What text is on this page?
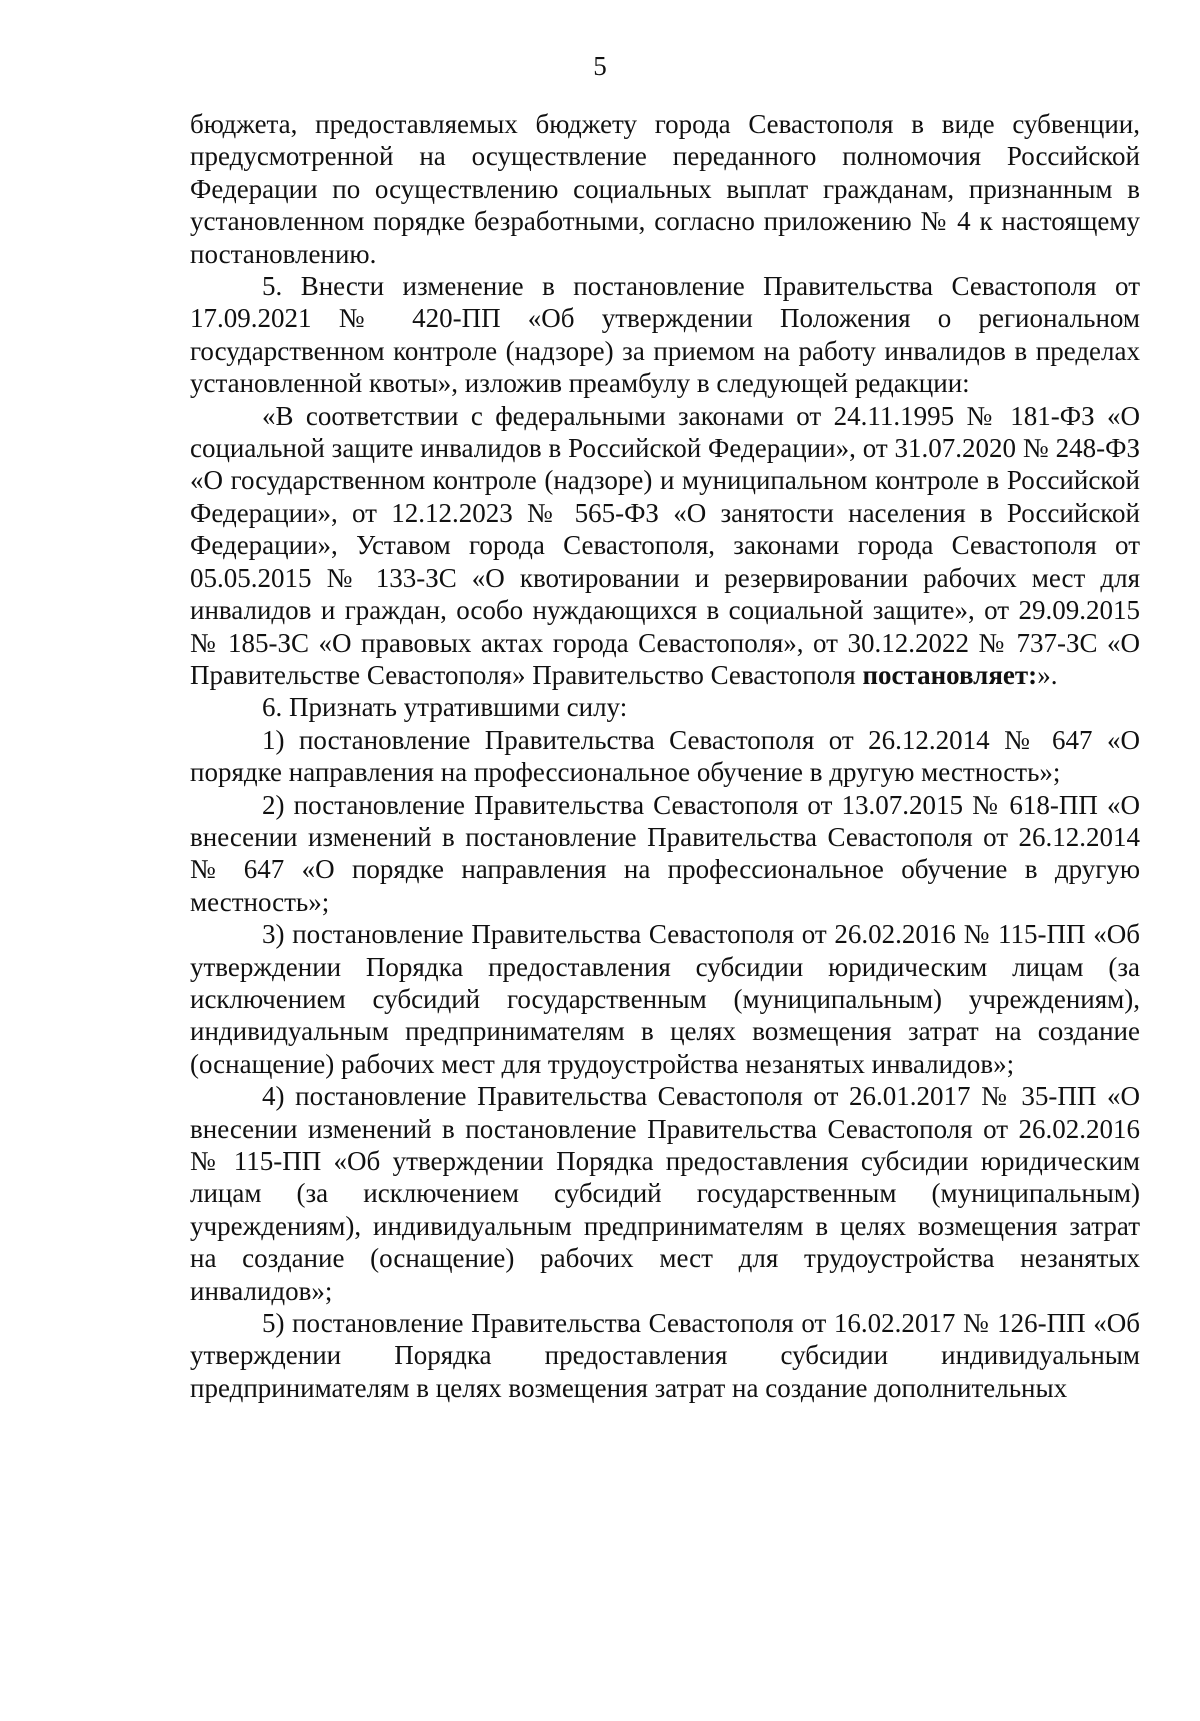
5

бюджета, предоставляемых бюджету города Севастополя в виде субвенции, предусмотренной на осуществление переданного полномочия Российской Федерации по осуществлению социальных выплат гражданам, признанным в установленном порядке безработными, согласно приложению № 4 к настоящему постановлению.

5. Внести изменение в постановление Правительства Севастополя от 17.09.2021 № 420-ПП «Об утверждении Положения о региональном государственном контроле (надзоре) за приемом на работу инвалидов в пределах установленной квоты», изложив преамбулу в следующей редакции:

«В соответствии с федеральными законами от 24.11.1995 № 181-ФЗ «О социальной защите инвалидов в Российской Федерации», от 31.07.2020 № 248-ФЗ «О государственном контроле (надзоре) и муниципальном контроле в Российской Федерации», от 12.12.2023 № 565-ФЗ «О занятости населения в Российской Федерации», Уставом города Севастополя, законами города Севастополя от 05.05.2015 № 133-ЗС «О квотировании и резервировании рабочих мест для инвалидов и граждан, особо нуждающихся в социальной защите», от 29.09.2015 № 185-ЗС «О правовых актах города Севастополя», от 30.12.2022 № 737-ЗС «О Правительстве Севастополя» Правительство Севастополя постановляет:».

6. Признать утратившими силу:

1) постановление Правительства Севастополя от 26.12.2014 № 647 «О порядке направления на профессиональное обучение в другую местность»;

2) постановление Правительства Севастополя от 13.07.2015 № 618-ПП «О внесении изменений в постановление Правительства Севастополя от 26.12.2014 № 647 «О порядке направления на профессиональное обучение в другую местность»;

3) постановление Правительства Севастополя от 26.02.2016 № 115-ПП «Об утверждении Порядка предоставления субсидии юридическим лицам (за исключением субсидий государственным (муниципальным) учреждениям), индивидуальным предпринимателям в целях возмещения затрат на создание (оснащение) рабочих мест для трудоустройства незанятых инвалидов»;

4) постановление Правительства Севастополя от 26.01.2017 № 35-ПП «О внесении изменений в постановление Правительства Севастополя от 26.02.2016 № 115-ПП «Об утверждении Порядка предоставления субсидии юридическим лицам (за исключением субсидий государственным (муниципальным) учреждениям), индивидуальным предпринимателям в целях возмещения затрат на создание (оснащение) рабочих мест для трудоустройства незанятых инвалидов»;

5) постановление Правительства Севастополя от 16.02.2017 № 126-ПП «Об утверждении Порядка предоставления субсидии индивидуальным предпринимателям в целях возмещения затрат на создание дополнительных
